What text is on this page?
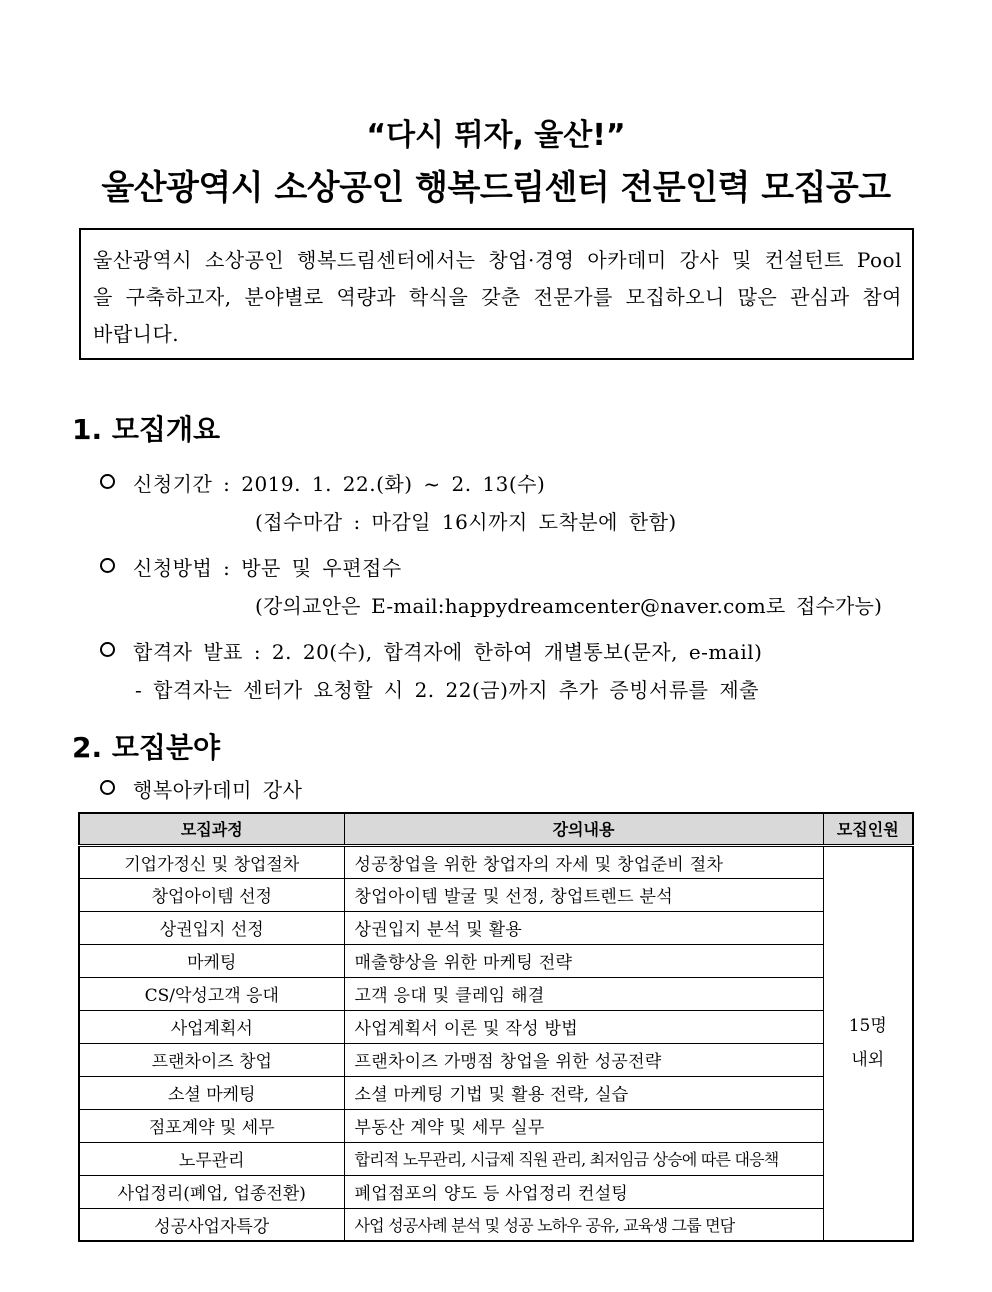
“다시 뛰자, 울산!”
울산광역시 소상공인 행복드림센터 전문인력 모집공고
울산광역시 소상공인 행복드림센터에서는 창업·경영 아카데미 강사 및 컨설턴트 Pool을 구축하고자, 분야별로 역량과 학식을 갖춘 전문가를 모집하오니 많은 관심과 참여바랍니다.
1. 모집개요
신청기간 : 2019. 1. 22.(화) ~ 2. 13(수)
(접수마감 : 마감일 16시까지 도착분에 한함)
신청방법 : 방문 및 우편접수
(강의교안은 E-mail:happydreamcenter@naver.com로 접수가능)
합격자 발표 : 2. 20(수), 합격자에 한하여 개별통보(문자, e-mail)
- 합격자는 센터가 요청할 시 2. 22(금)까지 추가 증빙서류를 제출
2. 모집분야
행복아카데미 강사
모집과정	강의내용	모집인원
기업가정신 및 창업절차	성공창업을 위한 창업자의 자세 및 창업준비 절차	15명
내외

창업아이템 선정	창업아이템 발굴 및 선정, 창업트렌드 분석	
상권입지 선정	상권입지 분석 및 활용	
마케팅	매출향상을 위한 마케팅 전략	
CS/악성고객 응대	고객 응대 및 클레임 해결	
사업계획서	사업계획서 이론 및 작성 방법	
프랜차이즈 창업	프랜차이즈 가맹점 창업을 위한 성공전략	
소셜 마케팅	소셜 마케팅 기법 및 활용 전략, 실습	
점포계약 및 세무	부동산 계약 및 세무 실무	
노무관리	합리적 노무관리, 시급제 직원 관리, 최저임금 상승에 따른 대응책	
사업정리(폐업, 업종전환)	폐업점포의 양도 등 사업정리 컨설팅	
성공사업자특강	사업 성공사례 분석 및 성공 노하우 공유, 교육생 그룹 면담	
